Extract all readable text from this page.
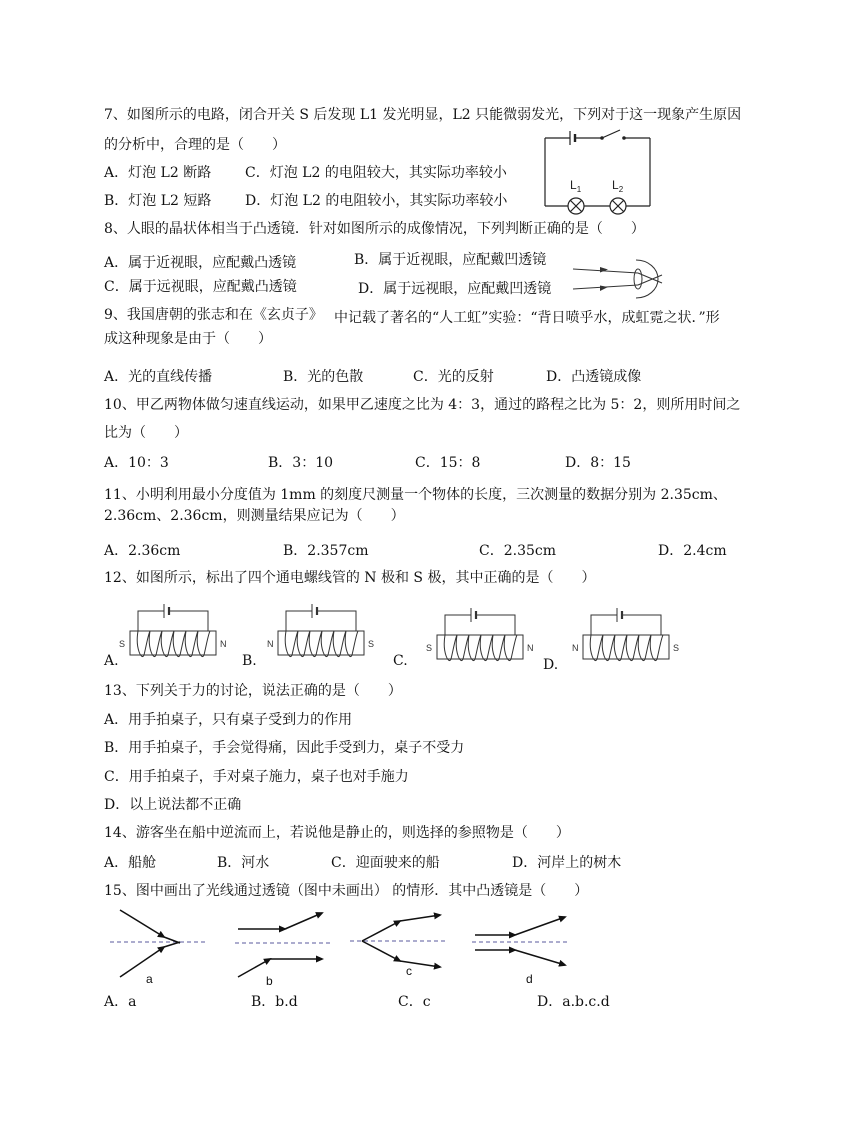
7、如图所示的电路，闭合开关 S 后发现 L1 发光明显，L2 只能微弱发光，下列对于这一现象产生原因
的分析中，合理的是（　　）
A．灯泡 L2 断路 C．灯泡 L2 的电阻较大，其实际功率较小
B．灯泡 L2 短路 D．灯泡 L2 的电阻较小，其实际功率较小
$L_1$	$L_2$
8、人眼的晶状体相当于凸透镜．针对如图所示的成像情况，下列判断正确的是（　　）
A．属于近视眼，应配戴凸透镜	B．属于近视眼，应配戴凹透镜
C．属于远视眼，应配戴凸透镜	D．属于远视眼，应配戴凹透镜
9、我国唐朝的张志和在《玄贞子》 中记载了著名的“人工虹”实验：“背日喷乎水，成虹霓之状．”形
成这种现象是由于（　　）
A．光的直线传播	B．光的色散	C．光的反射	D．凸透镜成像
10、甲乙两物体做匀速直线运动，如果甲乙速度之比为 4：3，通过的路程之比为 5：2，则所用时间之
比为（　　）
A．10：3	B．3：10	C．15：8	D．8：15
11、小明利用最小分度值为 1mm 的刻度尺测量一个物体的长度，三次测量的数据分别为 2.35cm、
2.36cm、2.36cm，则测量结果应记为（　　）
A．2.36cm	B．2.357cm	C．2.35cm	D．2.4cm
12、如图所示，标出了四个通电螺线管的 N 极和 S 极，其中正确的是（　　）
A.	B.	C.	D.
S	N	N	S	S	N	N	S
13、下列关于力的讨论，说法正确的是（　　）
A．用手拍桌子，只有桌子受到力的作用
B．用手拍桌子，手会觉得痛，因此手受到力，桌子不受力
C．用手拍桌子，手对桌子施力，桌子也对手施力
D．以上说法都不正确
14、游客坐在船中逆流而上，若说他是静止的，则选择的参照物是（　　）
A．船舱	B．河水	C．迎面驶来的船	D．河岸上的树木
15、图中画出了光线通过透镜（图中未画出） 的情形．其中凸透镜是（　　）
a	b
c
d
A．a	B．b.d	C．c	D．a.b.c.d
